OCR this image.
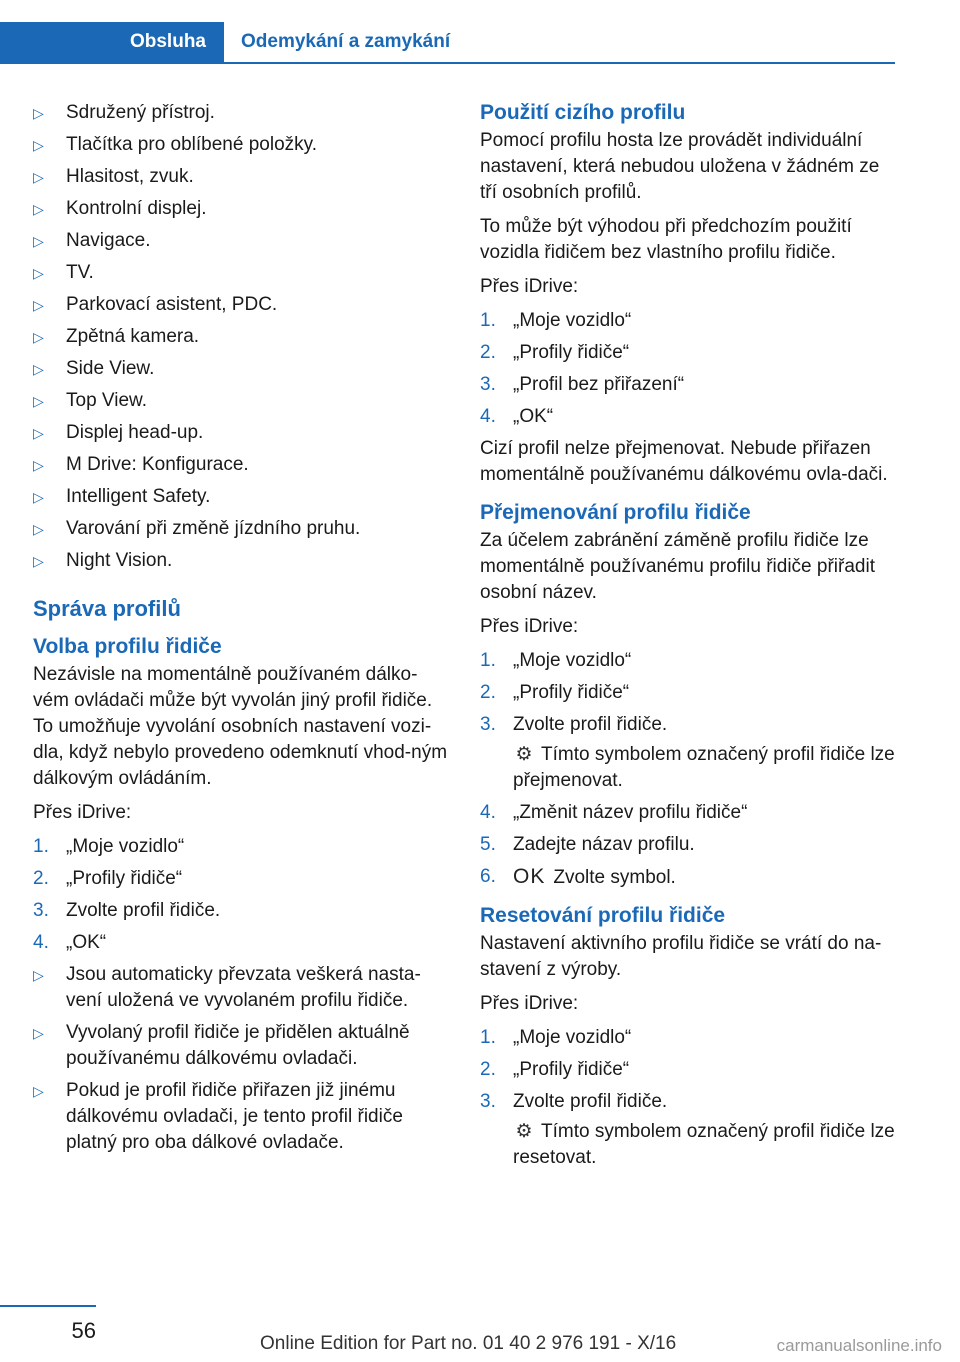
Obsluha Odemykání a zamykání
▷ Sdružený přístroj.
▷ Tlačítka pro oblíbené položky.
▷ Hlasitost, zvuk.
▷ Kontrolní displej.
▷ Navigace.
▷ TV.
▷ Parkovací asistent, PDC.
▷ Zpětná kamera.
▷ Side View.
▷ Top View.
▷ Displej head-up.
▷ M Drive: Konfigurace.
▷ Intelligent Safety.
▷ Varování při změně jízdního pruhu.
▷ Night Vision.
Správa profilů
Volba profilu řidiče

Nezávisle na momentálně používaném dálko‐vém ovládači může být vyvolán jiný profil řidiče. To umožňuje vyvolání osobních nastavení vozi‐dla, když nebylo provedeno odemknutí vhod‐ným dálkovým ovládáním.

Přes iDrive:

1. „Moje vozidlo“
2. „Profily řidiče“
3. Zvolte profil řidiče.
4. „OK“
▷ Jsou automaticky převzata veškerá nasta‐vení uložená ve vyvolaném profilu řidiče.
▷ Vyvolaný profil řidiče je přidělen aktuálně používanému dálkovému ovladači.
▷ Pokud je profil řidiče přiřazen již jinému dálkovému ovladači, je tento profil řidiče platný pro oba dálkové ovladače.
Použití cizího profilu

Pomocí profilu hosta lze provádět individuální nastavení, která nebudou uložena v žádném ze tří osobních profilů.

To může být výhodou při předchozím použití vozidla řidičem bez vlastního profilu řidiče.

Přes iDrive:

1. „Moje vozidlo“
2. „Profily řidiče“
3. „Profil bez přiřazení“
4. „OK“

Cizí profil nelze přejmenovat. Nebude přiřazen momentálně používanému dálkovému ovla‐dači.

Přejmenování profilu řidiče

Za účelem zabránění záměně profilu řidiče lze momentálně používanému profilu řidiče přiřadit osobní název.

Přes iDrive:

1. „Moje vozidlo“
2. „Profily řidiče“
3. Zvolte profil řidiče.
⚙ Tímto symbolem označený profil řidiče lze přejmenovat.
4. „Změnit název profilu řidiče“
5. Zadejte názav profilu.
6. OK Zvolte symbol.
Resetování profilu řidiče

Nastavení aktivního profilu řidiče se vrátí do na‐stavení z výroby.

Přes iDrive:

1. „Moje vozidlo“
2. „Profily řidiče“
3. Zvolte profil řidiče.
⚙ Tímto symbolem označený profil řidiče lze resetovat.
56
Online Edition for Part no. 01 40 2 976 191 - X/16	carmanualsonline.info
